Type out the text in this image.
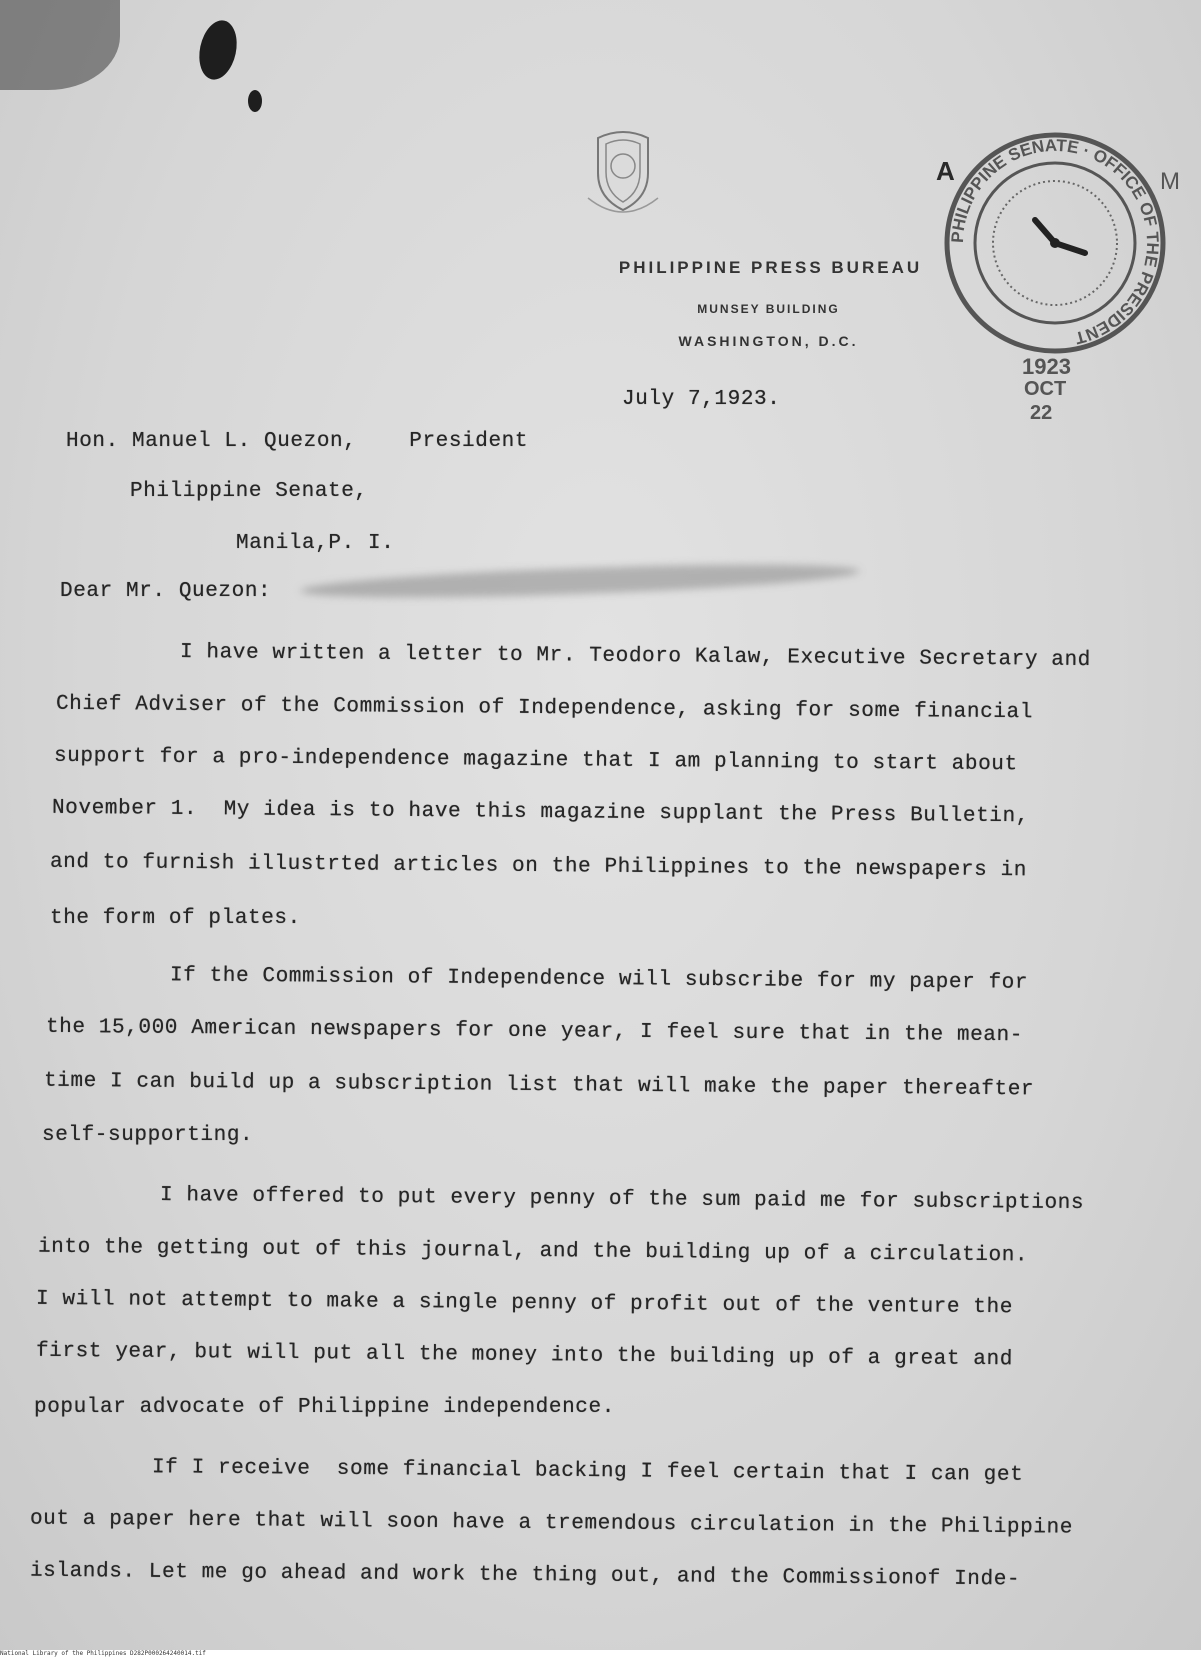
PHILIPPINE PRESS BUREAU
MUNSEY BUILDING
WASHINGTON, D.C.
A	M
PHILIPPINE SENATE · OFFICE OF THE PRESIDENT
1923
OCT
22
July 7,1923.
Hon. Manuel L. Quezon,    President
Philippine Senate,
Manila,P. I.
Dear Mr. Quezon:
I have written a letter to Mr. Teodoro Kalaw, Executive Secretary and
Chief Adviser of the Commission of Independence, asking for some financial
support for a pro-independence magazine that I am planning to start about
November 1.  My idea is to have this magazine supplant the Press Bulletin,
and to furnish illustrted articles on the Philippines to the newspapers in
the form of plates.
If the Commission of Independence will subscribe for my paper for
the 15,000 American newspapers for one year, I feel sure that in the mean-
time I can build up a subscription list that will make the paper thereafter
self-supporting.
I have offered to put every penny of the sum paid me for subscriptions
into the getting out of this journal, and the building up of a circulation.
I will not attempt to make a single penny of profit out of the venture the
first year, but will put all the money into the building up of a great and
popular advocate of Philippine independence.
If I receive  some financial backing I feel certain that I can get
out a paper here that will soon have a tremendous circulation in the Philippine
islands. Let me go ahead and work the thing out, and the Commissionof Inde-
National Library of the Philippines D282P000264240014.tif
